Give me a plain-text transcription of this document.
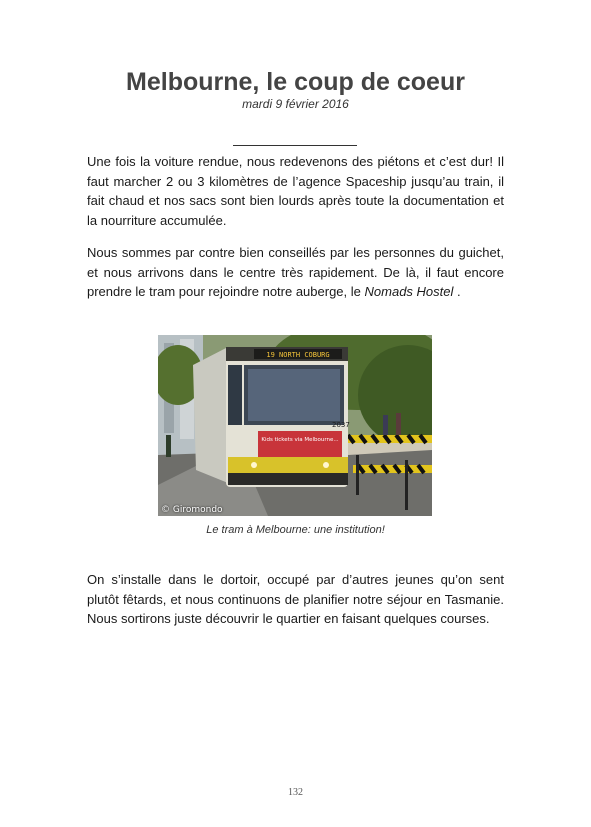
Melbourne, le coup de coeur
mardi 9 février 2016

Une fois la voiture rendue, nous redevenons des piétons et c’est dur! Il faut marcher 2 ou 3 kilomètres de l’agence Spaceship jusqu’au train, il fait chaud et nos sacs sont bien lourds après toute la documentation et la nourriture accumulée.

Nous sommes par contre bien conseillés par les personnes du guichet, et nous arrivons dans le centre très rapidement. De là, il faut encore prendre le tram pour rejoindre notre auberge, le Nomads Hostel .

19 NORTH COBURG
Kids tickets via Melbourne...
2037
© Giromondo
Le tram à Melbourne: une institution!

On s’installe dans le dortoir, occupé par d’autres jeunes qu’on sent plutôt fêtards, et nous continuons de planifier notre séjour en Tasmanie. Nous sortirons juste découvrir le quartier en faisant quelques courses.

132
